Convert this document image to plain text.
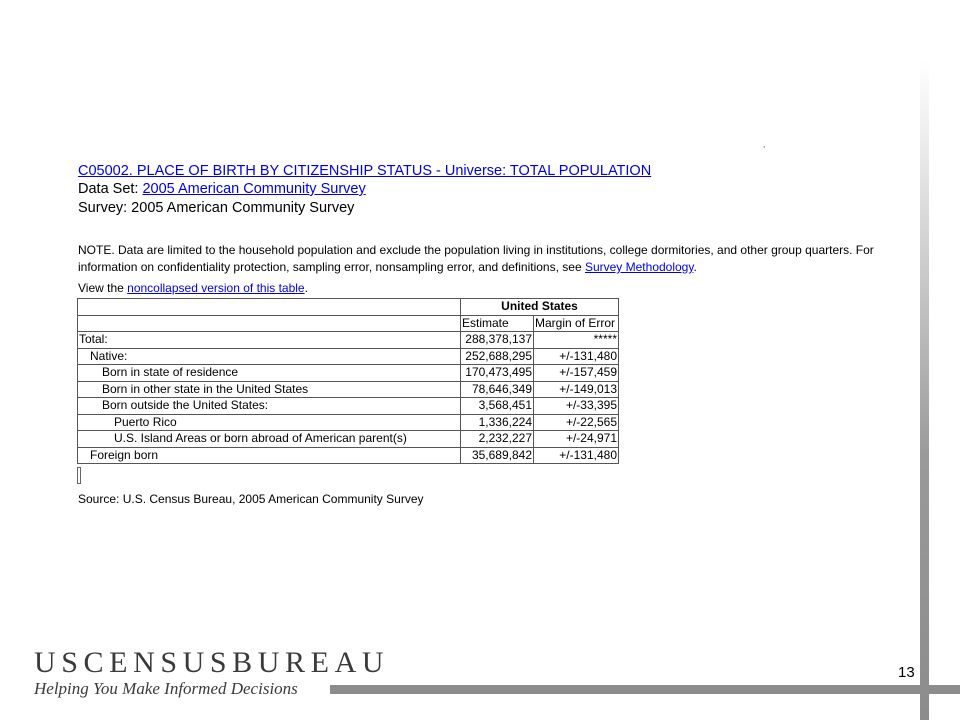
,
C05002. PLACE OF BIRTH BY CITIZENSHIP STATUS - Universe: TOTAL POPULATION
Data Set: 2005 American Community Survey
Survey: 2005 American Community Survey
NOTE. Data are limited to the household population and exclude the population living in institutions, college dormitories, and other group quarters. For information on confidentiality protection, sampling error, nonsampling error, and definitions, see Survey Methodology.
View the noncollapsed version of this table.
	United States	
	Estimate	Margin of Error
Total:	288,378,137	*****
Native:	252,688,295	+/-131,480
Born in state of residence	170,473,495	+/-157,459
Born in other state in the United States	78,646,349	+/-149,013
Born outside the United States:	3,568,451	+/-33,395
Puerto Rico	1,336,224	+/-22,565
U.S. Island Areas or born abroad of American parent(s)	2,232,227	+/-24,971
Foreign born	35,689,842	+/-131,480
Source: U.S. Census Bureau, 2005 American Community Survey
USCENSUSBUREAU
Helping You Make Informed Decisions
13
